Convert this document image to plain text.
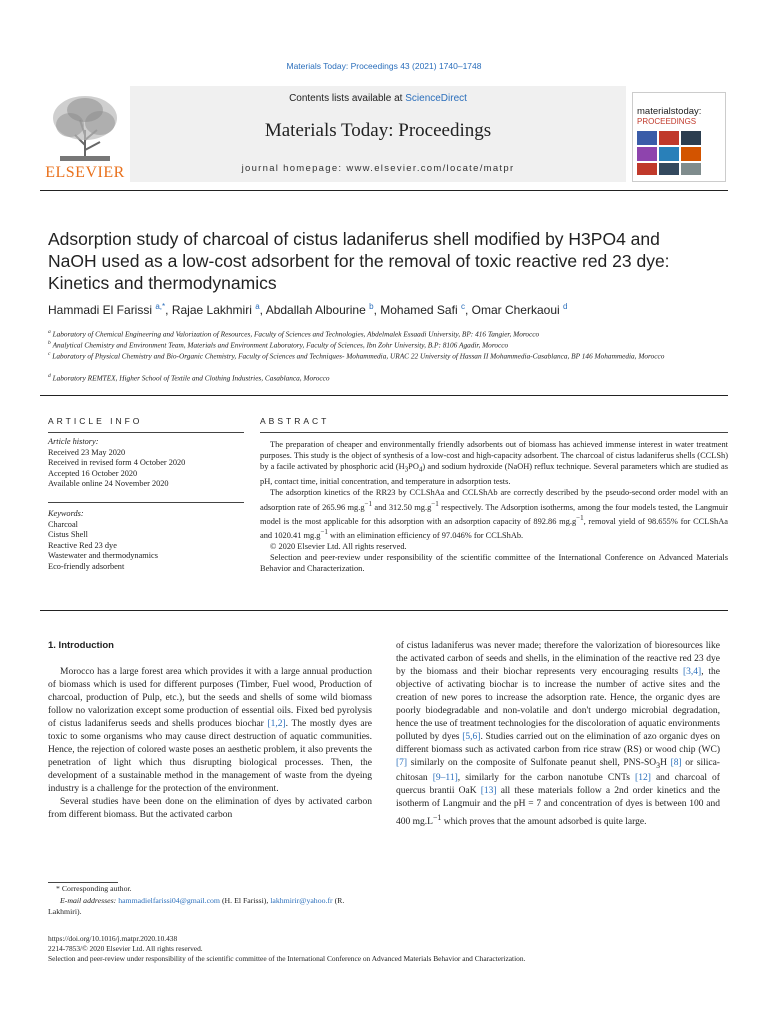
Materials Today: Proceedings 43 (2021) 1740–1748
ELSEVIER
Contents lists available at ScienceDirect
Materials Today: Proceedings
journal homepage: www.elsevier.com/locate/matpr
materialstoday:
PROCEEDINGS
Adsorption study of charcoal of cistus ladaniferus shell modified by H3PO4 and NaOH used as a low-cost adsorbent for the removal of toxic reactive red 23 dye: Kinetics and thermodynamics
Hammadi El Farissi $^{a,*}$, Rajae Lakhmiri $^a$, Abdallah Albourine $^b$, Mohamed Safi $^c$, Omar Cherkaoui $^d$
$^a$ Laboratory of Chemical Engineering and Valorization of Resources, Faculty of Sciences and Technologies, Abdelmalek Essaadi University, BP: 416 Tangier, Morocco
$^b$ Analytical Chemistry and Environment Team, Materials and Environment Laboratory, Faculty of Sciences, Ibn Zohr University, B.P: 8106 Agadir, Morocco
$^c$ Laboratory of Physical Chemistry and Bio-Organic Chemistry, Faculty of Sciences and Techniques- Mohammedia, URAC 22 University of Hassan II Mohammedia-Casablanca, BP 146 Mohammedia, Morocco
$^d$ Laboratory REMTEX, Higher School of Textile and Clothing Industries, Casablanca, Morocco
ARTICLE INFO
Article history:
Received 23 May 2020
Received in revised form 4 October 2020
Accepted 16 October 2020
Available online 24 November 2020
Keywords:
Charcoal
Cistus Shell
Reactive Red 23 dye
Wastewater and thermodynamics
Eco-friendly adsorbent
ABSTRACT

The preparation of cheaper and environmentally friendly adsorbents out of biomass has achieved immense interest in water treatment purposes. This study is the object of synthesis of a low-cost and high-capacity adsorbent. The charcoal of cistus ladaniferus shells (CCLSh) by a facile activated by phosphoric acid $(H_3PO_4)$ and sodium hydroxide (NaOH) reflux technique. Several parameters which are studied as pH, contact time, initial concentration, and temperature in adsorption tests.

The adsorption kinetics of the RR23 by CCLShAa and CCLShAb are correctly described by the pseudo-second order model with an adsorption rate of 265.96 $mg.g^{-1}$ and 312.50 $mg.g^{-1}$ respectively. The Adsorption isotherms, among the four models tested, the Langmuir model is the most applicable for this adsorption with an adsorption capacity of 892.86 $mg.g^{-1}$, removal yield of 98.655% for CCLShAa and 1020.41 $mg.g^{-1}$ with an elimination efficiency of 97.046% for CCLShAb.

© 2020 Elsevier Ltd. All rights reserved.

Selection and peer-review under responsibility of the scientific committee of the International Conference on Advanced Materials Behavior and Characterization.

1. Introduction

Morocco has a large forest area which provides it with a large annual production of biomass which is used for different purposes (Timber, Fuel wood, Production of charcoal, production of Pulp, etc.), but the seeds and shells of some wild biomass follow no valorization except some production of essential oils. Fixed bed pyrolysis of cistus ladaniferus seeds and shells produces biochar [1,2]. The mostly dyes are toxic to some organisms who may cause direct destruction of aquatic communities. Hence, the rejection of colored waste poses an aesthetic problem, it also prevents the penetration of light which thus disrupting biological processes. Then, the development of a sustainable method in the management of waste from the dyeing industry is a challenge for the protection of the environment.

Several studies have been done on the elimination of dyes by activated carbon from different biomass. But the activated carbon

of cistus ladaniferus was never made; therefore the valorization of bioresources like the activated carbon of seeds and shells, in the elimination of the reactive red 23 dye by the biomass and their biochar represents very encouraging results [3,4], the objective of activating biochar is to increase the number of active sites and the creation of new pores to increase the adsorption rate. Hence, the organic dyes are poorly biodegradable and non-volatile and don't undergo microbial degradation, hence the use of treatment technologies for the discoloration of aquatic environments polluted by dyes [5,6]. Studies carried out on the elimination of azo organic dyes on different biomass such as activated carbon from rice straw (RS) or wood chip (WC) [7] similarly on the composite of Sulfonate peanut shell, PNS-$SO_3H$ [8] or silica-chitosan [9–11], similarly for the carbon nanotube CNTs [12] and charcoal of quercus brantii OaK [13] all these materials follow a 2nd order kinetics and the isotherm of Langmuir and the pH = 7 and concentration of dyes is between 100 and 400 $mg.L^{-1}$ which proves that the amount adsorbed is quite large.

* Corresponding author.
E-mail addresses: hammadielfarissi04@gmail.com (H. El Farissi), lakhmirir@yahoo.fr (R. Lakhmiri).
https://doi.org/10.1016/j.matpr.2020.10.438
2214-7853/© 2020 Elsevier Ltd. All rights reserved.
Selection and peer-review under responsibility of the scientific committee of the International Conference on Advanced Materials Behavior and Characterization.
